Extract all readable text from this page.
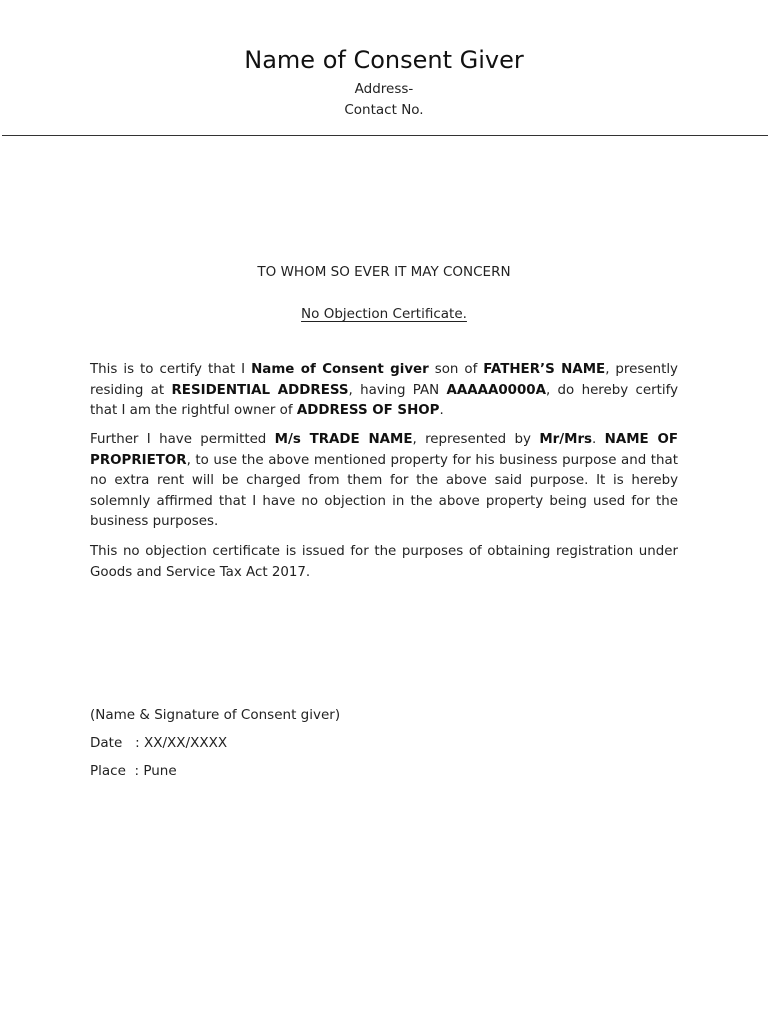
Name of Consent Giver
Address-
Contact No.
TO WHOM SO EVER IT MAY CONCERN
No Objection Certificate.
This is to certify that I Name of Consent giver son of FATHER’S NAME, presently residing at RESIDENTIAL ADDRESS, having PAN AAAAA0000A, do hereby certify that I am the rightful owner of ADDRESS OF SHOP.
Further I have permitted M/s TRADE NAME, represented by Mr/Mrs. NAME OF PROPRIETOR, to use the above mentioned property for his business purpose and that no extra rent will be charged from them for the above said purpose. It is hereby solemnly affirmed that I have no objection in the above property being used for the business purposes.
This no objection certificate is issued for the purposes of obtaining registration under Goods and Service Tax Act 2017.
(Name & Signature of Consent giver)
Date   : XX/XX/XXXX
Place  : Pune
